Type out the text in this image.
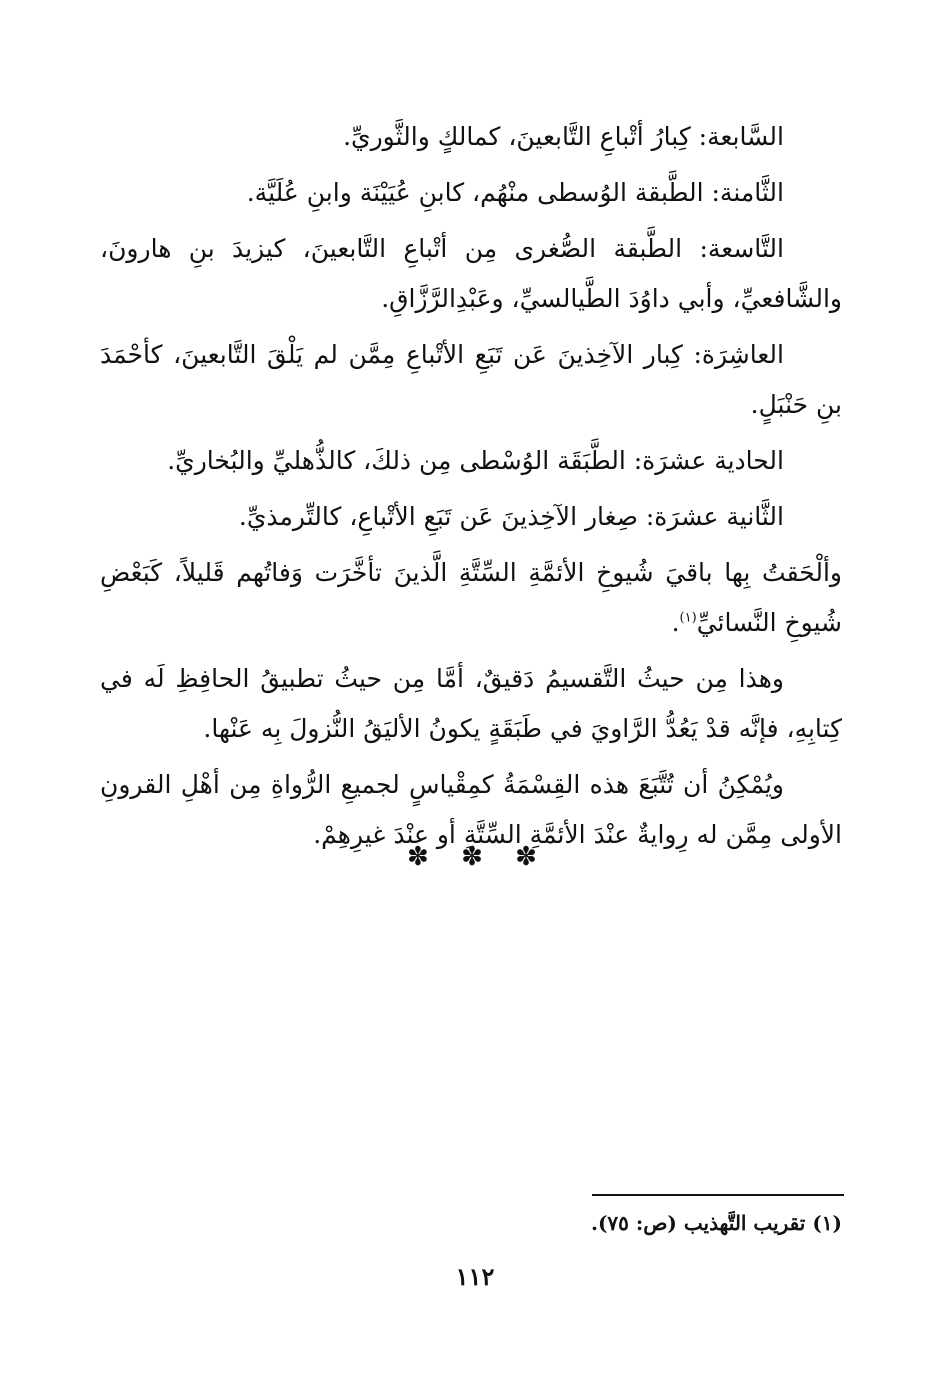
السَّابعة: كِبارُ أتْباعِ التَّابعينَ، كمالكٍ والثَّوريِّ.

الثَّامنة: الطَّبقة الوُسطى منْهُم، كابنِ عُيَيْنَة وابنِ عُلَيَّة.

التَّاسعة: الطَّبقة الصُّغرى مِن أتْباعِ التَّابعينَ، كيزيدَ بنِ هارونَ، والشَّافعيِّ، وأبي داوُدَ الطَّيالسيِّ، وعَبْدِالرَّزَّاقِ.

العاشِرَة: كِبار الآخِذينَ عَن تَبَعِ الأتْباعِ مِمَّن لم يَلْقَ التَّابعينَ، كأحْمَدَ بنِ حَنْبَلٍ.

الحادية عشرَة: الطَّبَقَة الوُسْطى مِن ذلكَ، كالذُّهليِّ والبُخاريِّ.

الثَّانية عشرَة: صِغار الآخِذينَ عَن تَبَعِ الأتْباعِ، كالتِّرمذيِّ.

وألْحَقتُ بِها باقيَ شُيوخِ الأئمَّةِ السِّتَّةِ الَّذينَ تأخَّرَت وَفاتُهم قَليلاً، كَبَعْضِ شُيوخِ النَّسائيِّ$^{(١)}$.

وهذا مِن حيثُ التَّقسيمُ دَقيقٌ، أمَّا مِن حيثُ تطبيقُ الحافِظِ لَه في كِتابِهِ، فإنَّه قدْ يَعُدُّ الرَّاويَ في طَبَقَةٍ يكونُ الأليَقُ النُّزولَ بِه عَنْها.

ويُمْكِنُ أن تُتَّبَعَ هذه القِسْمَةُ كمِقْياسٍ لجميعِ الرُّواةِ مِن أهْلِ القرونِ الأولى مِمَّن له رِوايةٌ عنْدَ الأئمَّةِ السِّتَّةِ أو عنْدَ غيرِهِمْ.

✽ ✽ ✽
(١) تقريب التَّهذيب (ص: ٧٥).
١١٢
